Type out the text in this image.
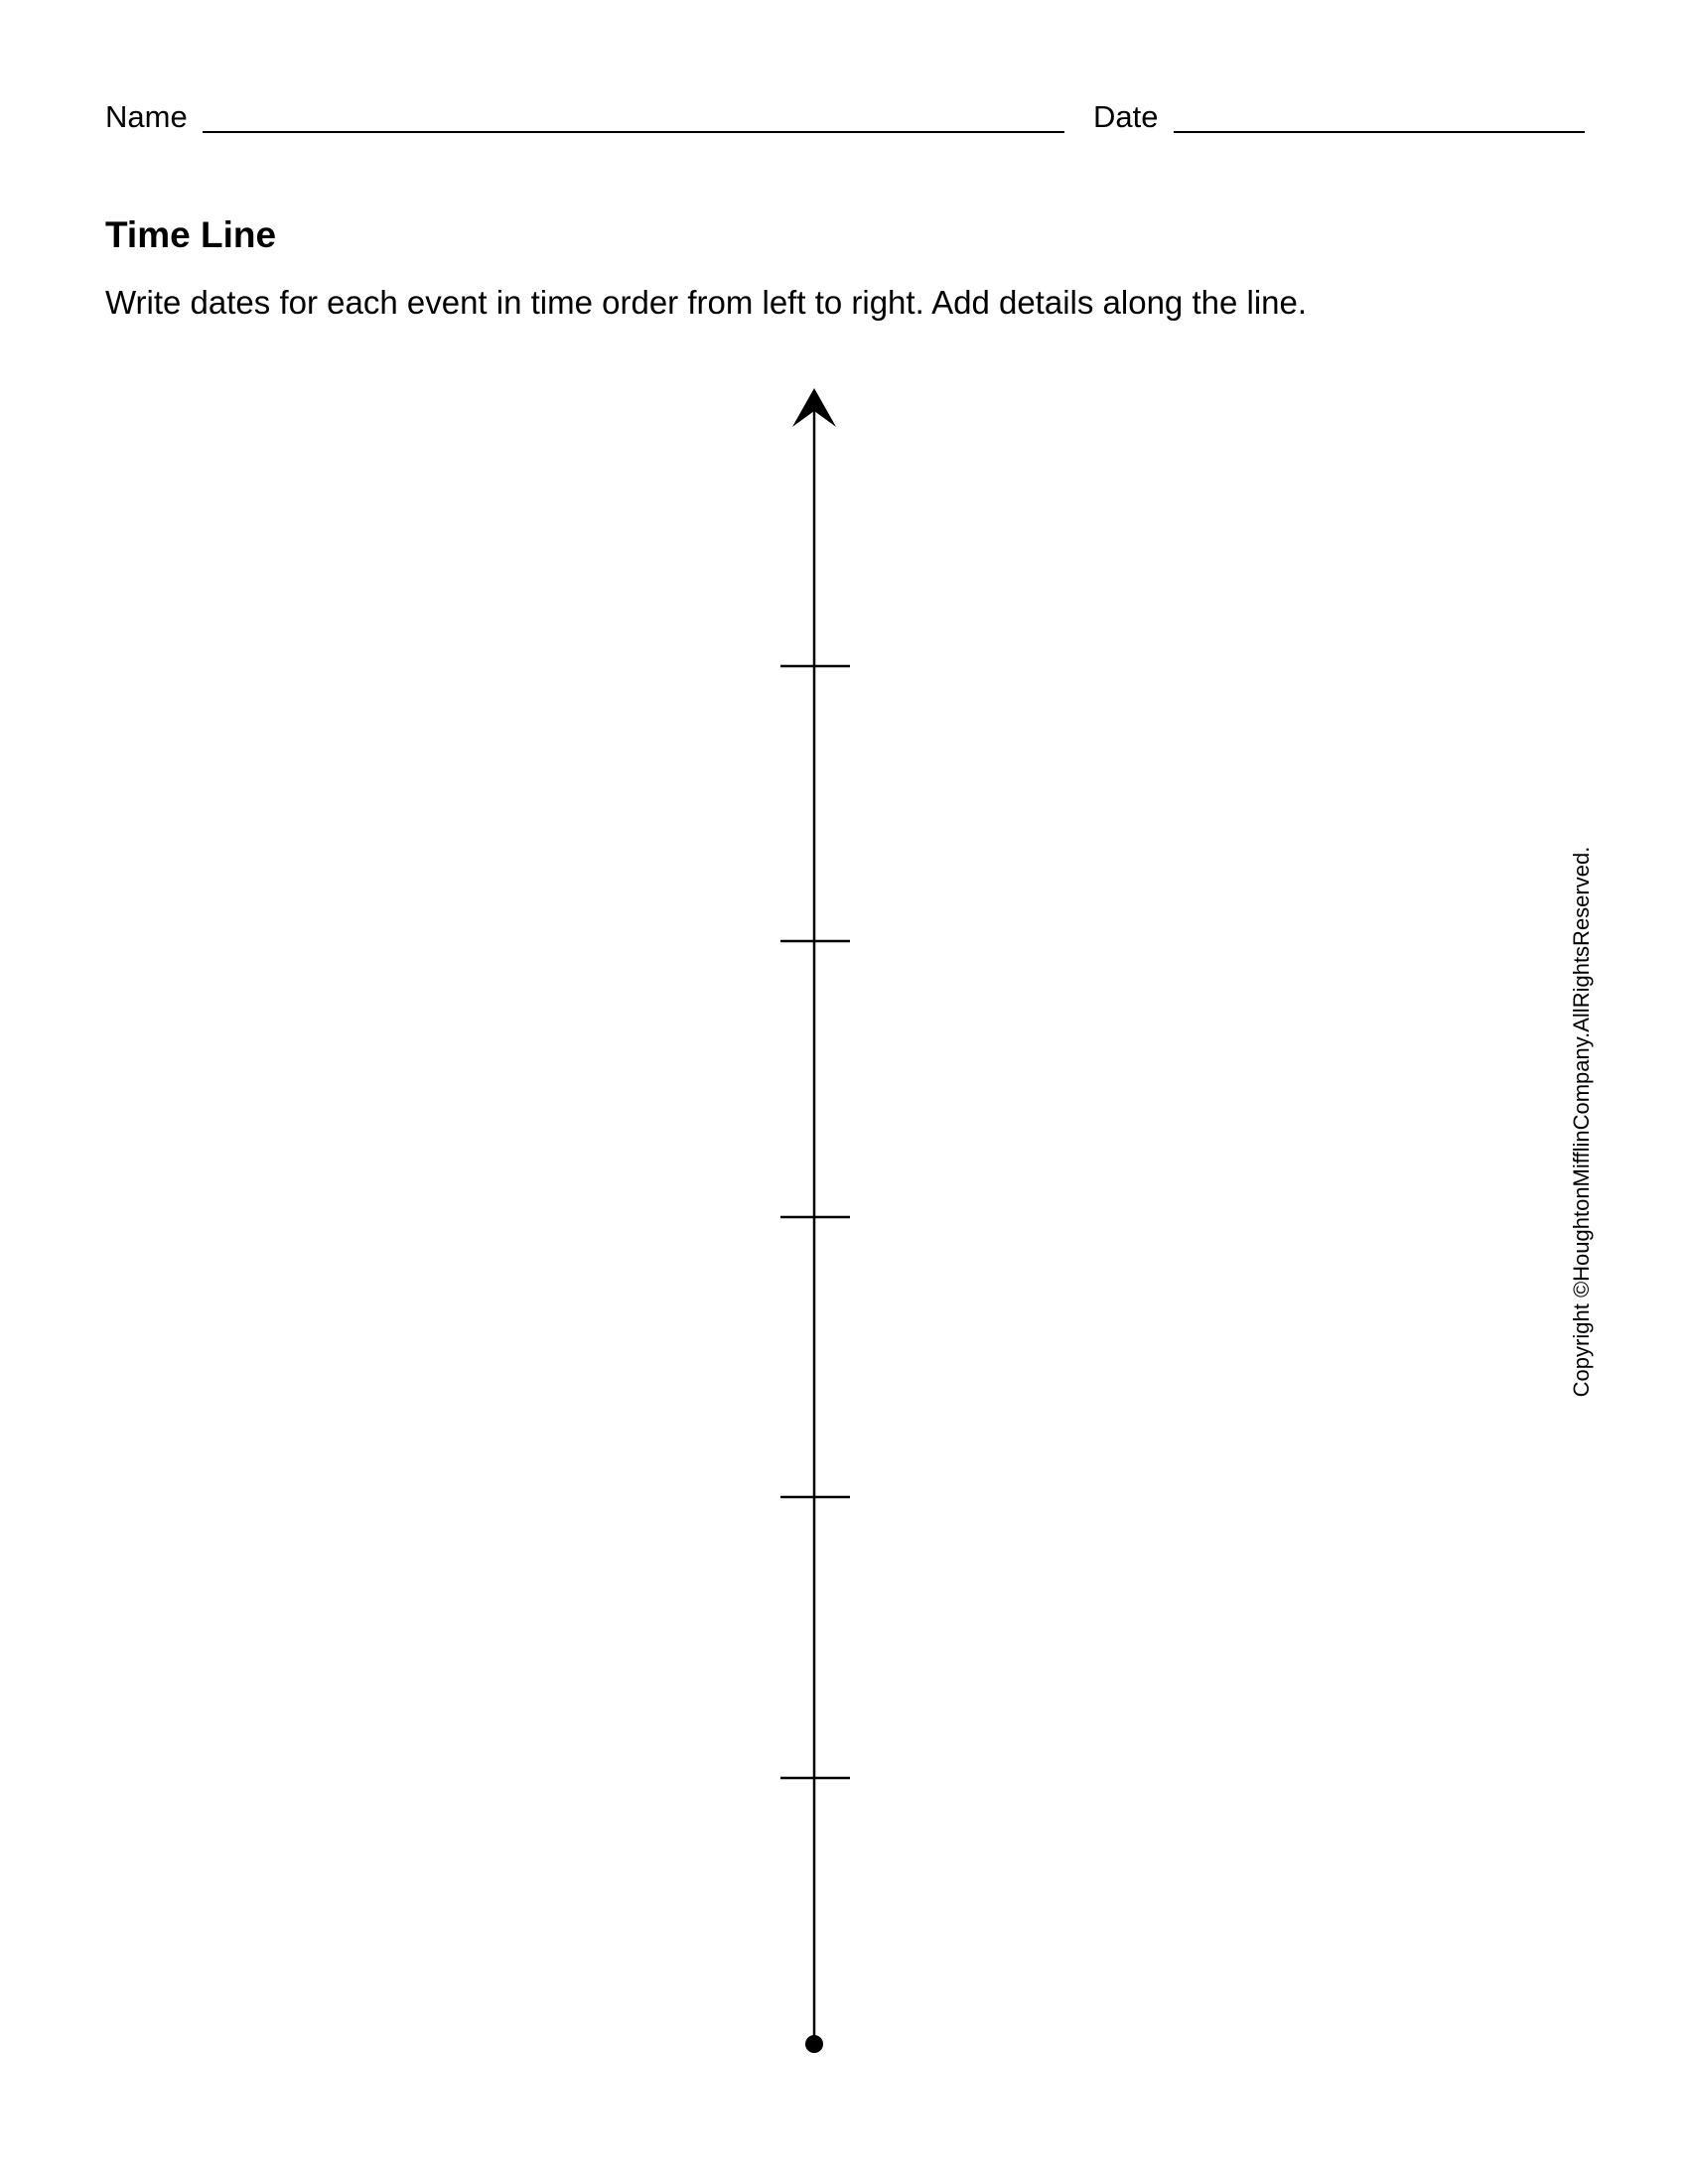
Name	Date
Time Line
Write dates for each event in time order from left to right. Add details along the line.
Copyright ©HoughtonMifflinCompany.AllRightsReserved.
